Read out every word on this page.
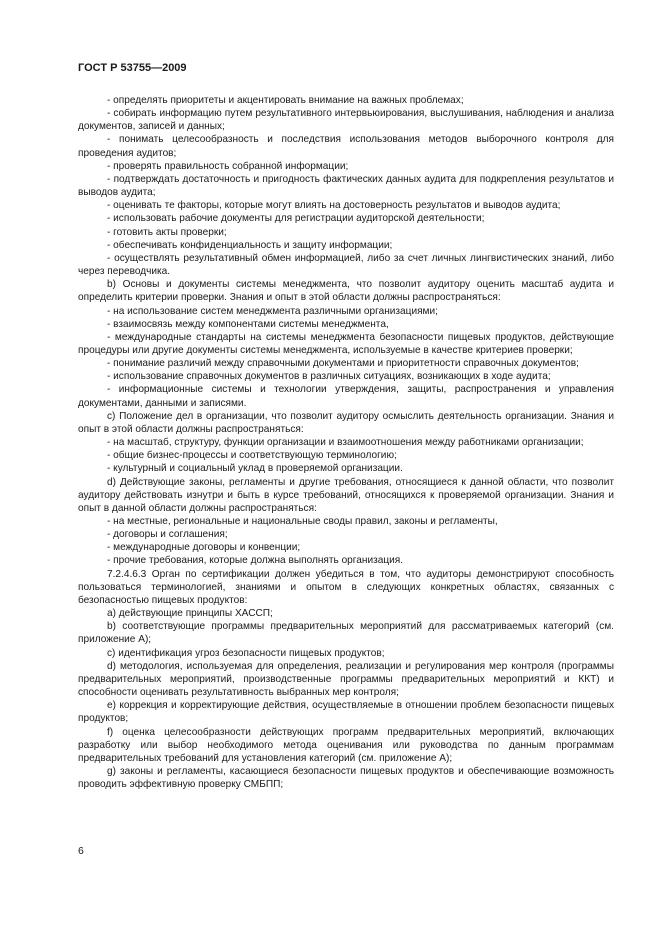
ГОСТ Р 53755—2009

- определять приоритеты и акцентировать внимание на важных проблемах;

- собирать информацию путем результативного интервьюирования, выслушивания, наблюдения и анализа документов, записей и данных;

- понимать целесообразность и последствия использования методов выборочного контроля для проведения аудитов;

- проверять правильность собранной информации;

- подтверждать достаточность и пригодность фактических данных аудита для подкрепления результатов и выводов аудита;

- оценивать те факторы, которые могут влиять на достоверность результатов и выводов аудита;

- использовать рабочие документы для регистрации аудиторской деятельности;

- готовить акты проверки;

- обеспечивать конфиденциальность и защиту информации;

- осуществлять результативный обмен информацией, либо за счет личных лингвистических знаний, либо через переводчика.

b) Основы и документы системы менеджмента, что позволит аудитору оценить масштаб аудита и определить критерии проверки. Знания и опыт в этой области должны распространяться:

- на использование систем менеджмента различными организациями;

- взаимосвязь между компонентами системы менеджмента,

- международные стандарты на системы менеджмента безопасности пищевых продуктов, действующие процедуры или другие документы системы менеджмента, используемые в качестве критериев проверки;

- понимание различий между справочными документами и приоритетности справочных документов;

- использование справочных документов в различных ситуациях, возникающих в ходе аудита;

- информационные системы и технологии утверждения, защиты, распространения и управления документами, данными и записями.

c) Положение дел в организации, что позволит аудитору осмыслить деятельность организации. Знания и опыт в этой области должны распространяться:

- на масштаб, структуру, функции организации и взаимоотношения между работниками организации;

- общие бизнес-процессы и соответствующую терминологию;

- культурный и социальный уклад в проверяемой организации.

d) Действующие законы, регламенты и другие требования, относящиеся к данной области, что позволит аудитору действовать изнутри и быть в курсе требований, относящихся к проверяемой организации. Знания и опыт в данной области должны распространяться:

- на местные, региональные и национальные своды правил, законы и регламенты,

- договоры и соглашения;

- международные договоры и конвенции;

- прочие требования, которые должна выполнять организация.

7.2.4.6.3 Орган по сертификации должен убедиться в том, что аудиторы демонстрируют способность пользоваться терминологией, знаниями и опытом в следующих конкретных областях, связанных с безопасностью пищевых продуктов:

а) действующие принципы ХАССП;

b) соответствующие программы предварительных мероприятий для рассматриваемых категорий (см. приложение А);

c) идентификация угроз безопасности пищевых продуктов;

d) методология, используемая для определения, реализации и регулирования мер контроля (программы предварительных мероприятий, производственные программы предварительных мероприятий и ККТ) и способности оценивать результативность выбранных мер контроля;

e) коррекция и корректирующие действия, осуществляемые в отношении проблем безопасности пищевых продуктов;

f) оценка целесообразности действующих программ предварительных мероприятий, включающих разработку или выбор необходимого метода оценивания или руководства по данным программам предварительных требований для установления категорий (см. приложение А);

g) законы и регламенты, касающиеся безопасности пищевых продуктов и обеспечивающие возможность проводить эффективную проверку СМБПП;

6
